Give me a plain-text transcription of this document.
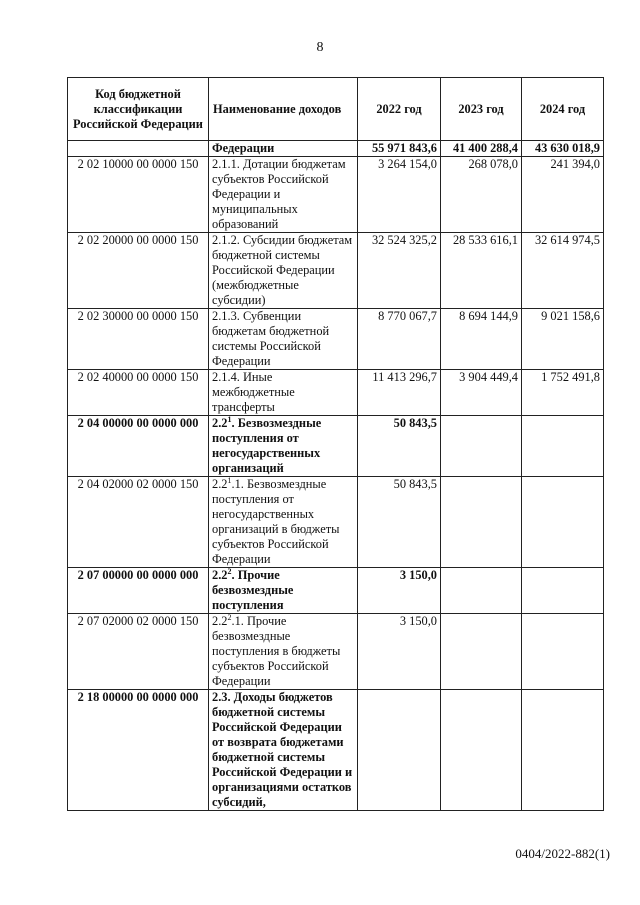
8
Код бюджетной классификации Российской Федерации	Наименование доходов	2022 год	2023 год	2024 год
	Федерации	55 971 843,6	41 400 288,4	43 630 018,9
2 02 10000 00 0000 150	2.1.1. Дотации бюджетам субъектов Российской Федерации и муниципальных образований	3 264 154,0	268 078,0	241 394,0
2 02 20000 00 0000 150	2.1.2. Субсидии бюджетам бюджетной системы Российской Федерации (межбюджетные субсидии)	32 524 325,2	28 533 616,1	32 614 974,5
2 02 30000 00 0000 150	2.1.3. Субвенции бюджетам бюджетной системы Российской Федерации	8 770 067,7	8 694 144,9	9 021 158,6
2 02 40000 00 0000 150	2.1.4. Иные межбюджетные трансферты	11 413 296,7	3 904 449,4	1 752 491,8
2 04 00000 00 0000 000	$2.2^1$. Безвозмездные поступления от негосударственных организаций	50 843,5		
2 04 02000 02 0000 150	$2.2^1.1$. Безвозмездные поступления от негосударственных организаций в бюджеты субъектов Российской Федерации	50 843,5		
2 07 00000 00 0000 000	$2.2^2$. Прочие безвозмездные поступления	3 150,0		
2 07 02000 02 0000 150	$2.2^2.1$. Прочие безвозмездные поступления в бюджеты субъектов Российской Федерации	3 150,0		
2 18 00000 00 0000 000	2.3. Доходы бюджетов бюджетной системы Российской Федерации от возврата бюджетами бюджетной системы Российской Федерации и организациями остатков субсидий,			
0404/2022-882(1)
